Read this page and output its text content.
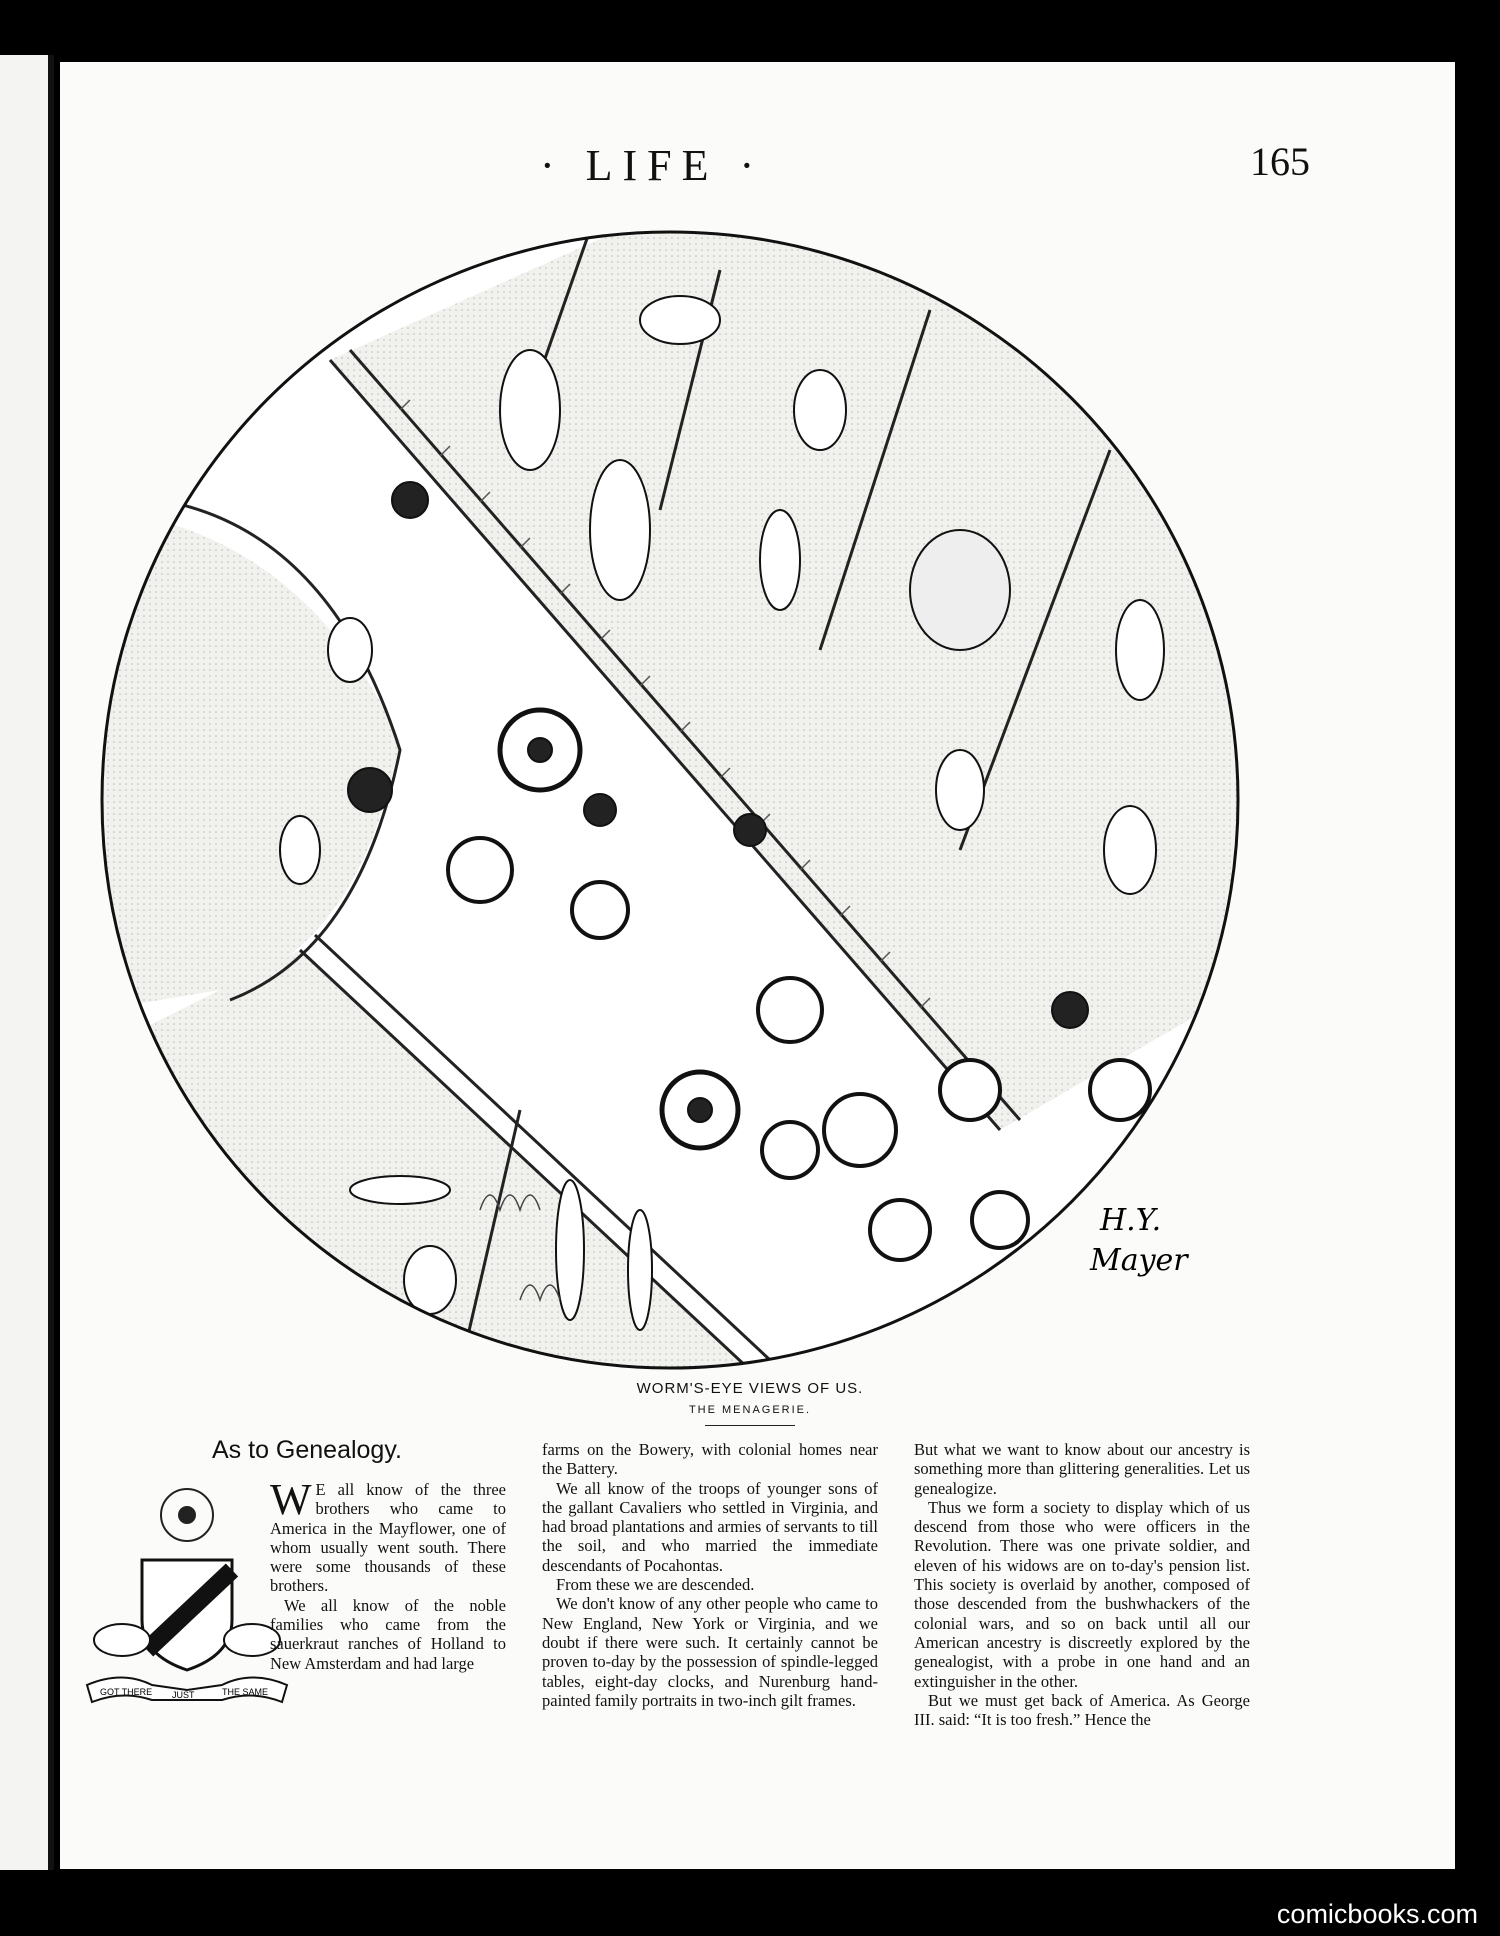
· LIFE ·	165
H.Y.
Mayer
WORM'S-EYE VIEWS OF US.
THE MENAGERIE.
As to Genealogy.
GOT THERE JUST	THE SAME

W E all know of the three brothers who came to America in the Mayflower, one of whom usually went south. There were some thousands of these brothers.

We all know of the noble families who came from the sauerkraut ranches of Holland to New Amsterdam and had large

farms on the Bowery, with colonial homes near the Battery.

We all know of the troops of younger sons of the gallant Cavaliers who settled in Virginia, and had broad plantations and armies of servants to till the soil, and who married the immediate descendants of Pocahontas.

From these we are descended.

We don't know of any other people who came to New England, New York or Virginia, and we doubt if there were such. It certainly cannot be proven to-day by the possession of spindle-legged tables, eight-day clocks, and Nurenburg hand-painted family portraits in two-inch gilt frames.

But what we want to know about our ancestry is something more than glittering generalities. Let us genealogize.

Thus we form a society to display which of us descend from those who were officers in the Revolution. There was one private soldier, and eleven of his widows are on to-day's pension list. This society is overlaid by another, composed of those descended from the bushwhackers of the colonial wars, and so on back until all our American ancestry is discreetly explored by the genealogist, with a probe in one hand and an extinguisher in the other.

But we must get back of America. As George III. said: “It is too fresh.” Hence the

comicbooks.com
